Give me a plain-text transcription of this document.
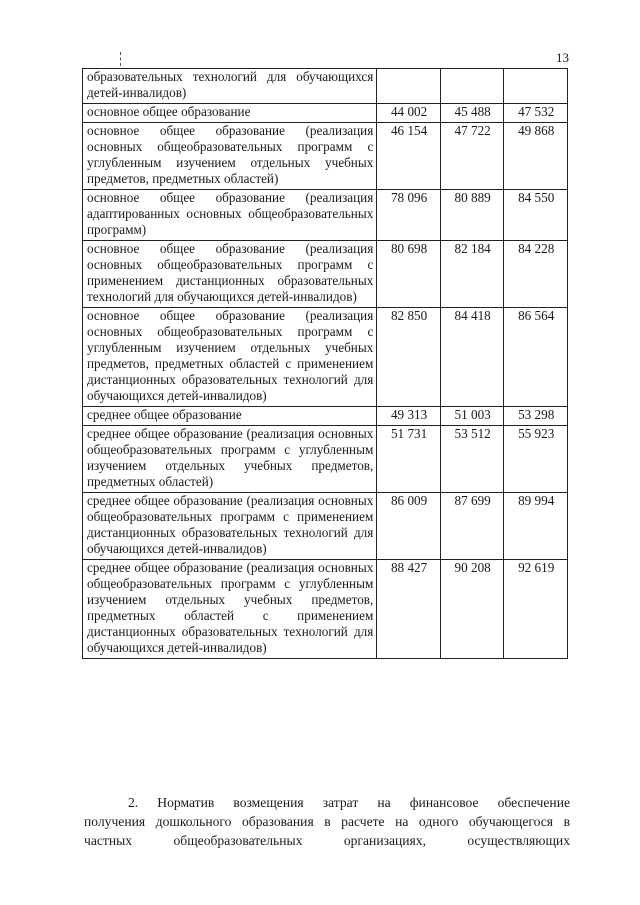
13
образовательных технологий для обучающихся детей-инвалидов)			
основное общее образование	44 002	45 488	47 532
основное общее образование (реализация основных общеобразовательных программ с углубленным изучением отдельных учебных предметов, предметных областей)	46 154	47 722	49 868
основное общее образование (реализация адаптированных основных общеобразовательных программ)	78 096	80 889	84 550
основное общее образование (реализация основных общеобразовательных программ с применением дистанционных образовательных технологий для обучающихся детей-инвалидов)	80 698	82 184	84 228
основное общее образование (реализация основных общеобразовательных программ с углубленным изучением отдельных учебных предметов, предметных областей с применением дистанционных образовательных технологий для обучающихся детей-инвалидов)	82 850	84 418	86 564
среднее общее образование	49 313	51 003	53 298
среднее общее образование (реализация основных общеобразовательных программ с углубленным изучением отдельных учебных предметов, предметных областей)	51 731	53 512	55 923
среднее общее образование (реализация основных общеобразовательных программ с применением дистанционных образовательных технологий для обучающихся детей-инвалидов)	86 009	87 699	89 994
среднее общее образование (реализация основных общеобразовательных программ с углубленным изучением отдельных учебных предметов, предметных областей с применением дистанционных образовательных технологий для обучающихся детей-инвалидов)	88 427	90 208	92 619
2. Норматив возмещения затрат на финансовое обеспечение
получения дошкольного образования в расчете на одного обучающегося в
частных общеобразовательных организациях, осуществляющих
